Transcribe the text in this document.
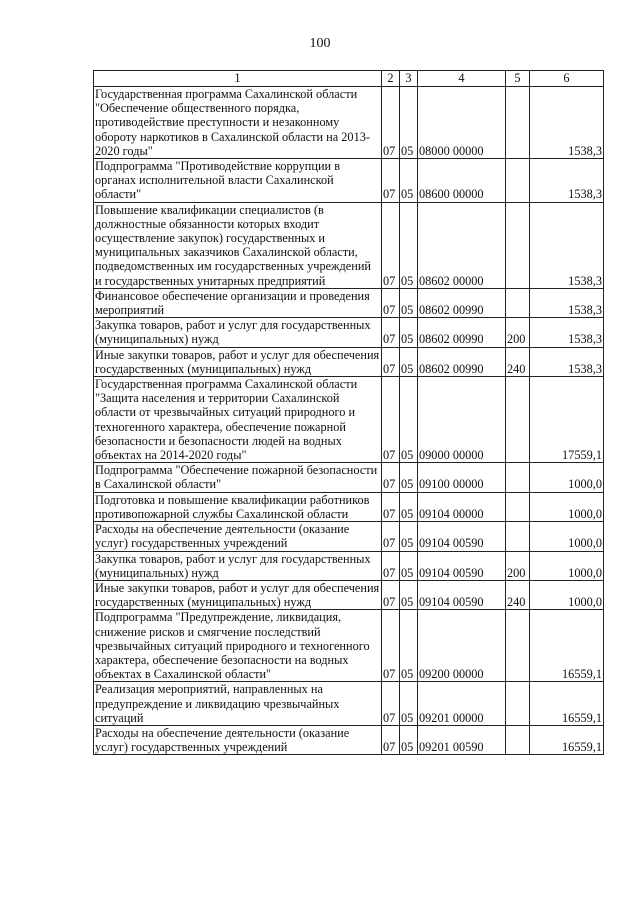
100
1	2	3	4	5	6
Государственная программа Сахалинской области "Обеспечение общественного порядка, противодействие преступности и незаконному обороту наркотиков в Сахалинской области на 2013-2020 годы"	07	05	08000 00000		1538,3
Подпрограмма "Противодействие коррупции в органах исполнительной власти Сахалинской области"	07	05	08600 00000		1538,3
Повышение квалификации специалистов (в должностные обязанности которых входит осуществление закупок) государственных и муниципальных заказчиков Сахалинской области, подведомственных им государственных учреждений и государственных унитарных предприятий	07	05	08602 00000		1538,3
Финансовое обеспечение организации и проведения мероприятий	07	05	08602 00990		1538,3
Закупка товаров, работ и услуг для государственных (муниципальных) нужд	07	05	08602 00990	200	1538,3
Иные закупки товаров, работ и услуг для обеспечения государственных (муниципальных) нужд	07	05	08602 00990	240	1538,3
Государственная программа Сахалинской области "Защита населения и территории Сахалинской области от чрезвычайных ситуаций природного и техногенного характера, обеспечение пожарной безопасности и безопасности людей на водных объектах на 2014-2020 годы"	07	05	09000 00000		17559,1
Подпрограмма "Обеспечение пожарной безопасности в Сахалинской области"	07	05	09100 00000		1000,0
Подготовка и повышение квалификации работников противопожарной службы Сахалинской области	07	05	09104 00000		1000,0
Расходы на обеспечение деятельности (оказание услуг) государственных учреждений	07	05	09104 00590		1000,0
Закупка товаров, работ и услуг для государственных (муниципальных) нужд	07	05	09104 00590	200	1000,0
Иные закупки товаров, работ и услуг для обеспечения государственных (муниципальных) нужд	07	05	09104 00590	240	1000,0
Подпрограмма "Предупреждение, ликвидация, снижение рисков и смягчение последствий чрезвычайных ситуаций природного и техногенного характера, обеспечение безопасности на водных объектах в Сахалинской области"	07	05	09200 00000		16559,1
Реализация мероприятий, направленных на предупреждение и ликвидацию чрезвычайных ситуаций	07	05	09201 00000		16559,1
Расходы на обеспечение деятельности (оказание услуг) государственных учреждений	07	05	09201 00590		16559,1
